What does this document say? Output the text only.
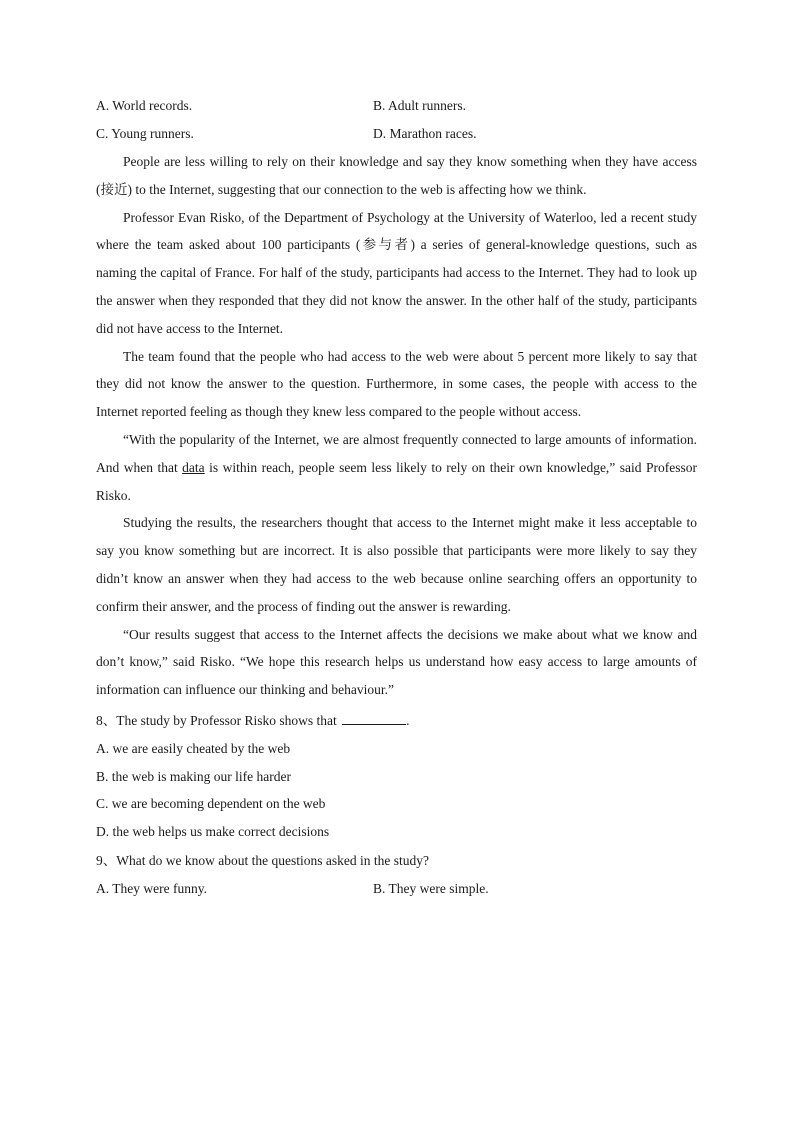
A. World records.	B. Adult runners.
C. Young runners.	D. Marathon races.

People are less willing to rely on their knowledge and say they know something when they have access (接近) to the Internet, suggesting that our connection to the web is affecting how we think.

Professor Evan Risko, of the Department of Psychology at the University of Waterloo, led a recent study where the team asked about 100 participants (参与者) a series of general-knowledge questions, such as naming the capital of France. For half of the study, participants had access to the Internet. They had to look up the answer when they responded that they did not know the answer. In the other half of the study, participants did not have access to the Internet.

The team found that the people who had access to the web were about 5 percent more likely to say that they did not know the answer to the question. Furthermore, in some cases, the people with access to the Internet reported feeling as though they knew less compared to the people without access.

“With the popularity of the Internet, we are almost frequently connected to large amounts of information. And when that data is within reach, people seem less likely to rely on their own knowledge,” said Professor Risko.

Studying the results, the researchers thought that access to the Internet might make it less acceptable to say you know something but are incorrect. It is also possible that participants were more likely to say they didn’t know an answer when they had access to the web because online searching offers an opportunity to confirm their answer, and the process of finding out the answer is rewarding.

“Our results suggest that access to the Internet affects the decisions we make about what we know and don’t know,” said Risko. “We hope this research helps us understand how easy access to large amounts of information can influence our thinking and behaviour.”

8、The study by Professor Risko shows that	.

A. we are easily cheated by the web

B. the web is making our life harder

C. we are becoming dependent on the web

D. the web helps us make correct decisions

9、What do we know about the questions asked in the study?

A. They were funny.	B. They were simple.
